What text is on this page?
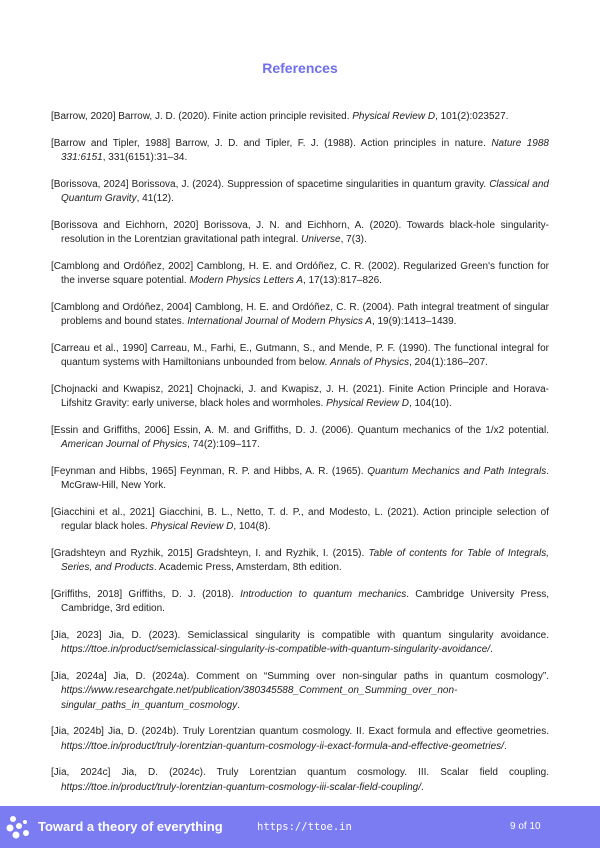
References

[Barrow, 2020] Barrow, J. D. (2020). Finite action principle revisited. Physical Review D, 101(2):023527.

[Barrow and Tipler, 1988] Barrow, J. D. and Tipler, F. J. (1988). Action principles in nature. Nature 1988 331:6151, 331(6151):31–34.

[Borissova, 2024] Borissova, J. (2024). Suppression of spacetime singularities in quantum gravity. Classical and Quantum Gravity, 41(12).

[Borissova and Eichhorn, 2020] Borissova, J. N. and Eichhorn, A. (2020). Towards black-hole singularity-resolution in the Lorentzian gravitational path integral. Universe, 7(3).

[Camblong and Ordóñez, 2002] Camblong, H. E. and Ordóñez, C. R. (2002). Regularized Green's function for the inverse square potential. Modern Physics Letters A, 17(13):817–826.

[Camblong and Ordóñez, 2004] Camblong, H. E. and Ordóñez, C. R. (2004). Path integral treatment of singular problems and bound states. International Journal of Modern Physics A, 19(9):1413–1439.

[Carreau et al., 1990] Carreau, M., Farhi, E., Gutmann, S., and Mende, P. F. (1990). The functional integral for quantum systems with Hamiltonians unbounded from below. Annals of Physics, 204(1):186–207.

[Chojnacki and Kwapisz, 2021] Chojnacki, J. and Kwapisz, J. H. (2021). Finite Action Principle and Horava-Lifshitz Gravity: early universe, black holes and wormholes. Physical Review D, 104(10).

[Essin and Griffiths, 2006] Essin, A. M. and Griffiths, D. J. (2006). Quantum mechanics of the 1/x2 potential. American Journal of Physics, 74(2):109–117.

[Feynman and Hibbs, 1965] Feynman, R. P. and Hibbs, A. R. (1965). Quantum Mechanics and Path Integrals. McGraw-Hill, New York.

[Giacchini et al., 2021] Giacchini, B. L., Netto, T. d. P., and Modesto, L. (2021). Action principle selection of regular black holes. Physical Review D, 104(8).

[Gradshteyn and Ryzhik, 2015] Gradshteyn, I. and Ryzhik, I. (2015). Table of contents for Table of Integrals, Series, and Products. Academic Press, Amsterdam, 8th edition.

[Griffiths, 2018] Griffiths, D. J. (2018). Introduction to quantum mechanics. Cambridge University Press, Cambridge, 3rd edition.

[Jia, 2023] Jia, D. (2023). Semiclassical singularity is compatible with quantum singularity avoidance. https://ttoe.in/product/semiclassical-singularity-is-compatible-with-quantum-singularity-avoidance/.

[Jia, 2024a] Jia, D. (2024a). Comment on “Summing over non-singular paths in quantum cosmology”. https://www.researchgate.net/publication/380345588_Comment_on_Summing_over_non-singular_paths_in_quantum_cosmology.

[Jia, 2024b] Jia, D. (2024b). Truly Lorentzian quantum cosmology. II. Exact formula and effective geometries. https://ttoe.in/product/truly-lorentzian-quantum-cosmology-ii-exact-formula-and-effective-geometries/.

[Jia, 2024c] Jia, D. (2024c). Truly Lorentzian quantum cosmology. III. Scalar field coupling. https://ttoe.in/product/truly-lorentzian-quantum-cosmology-iii-scalar-field-coupling/.

Toward a theory of everything	https://ttoe.in	9 of 10
